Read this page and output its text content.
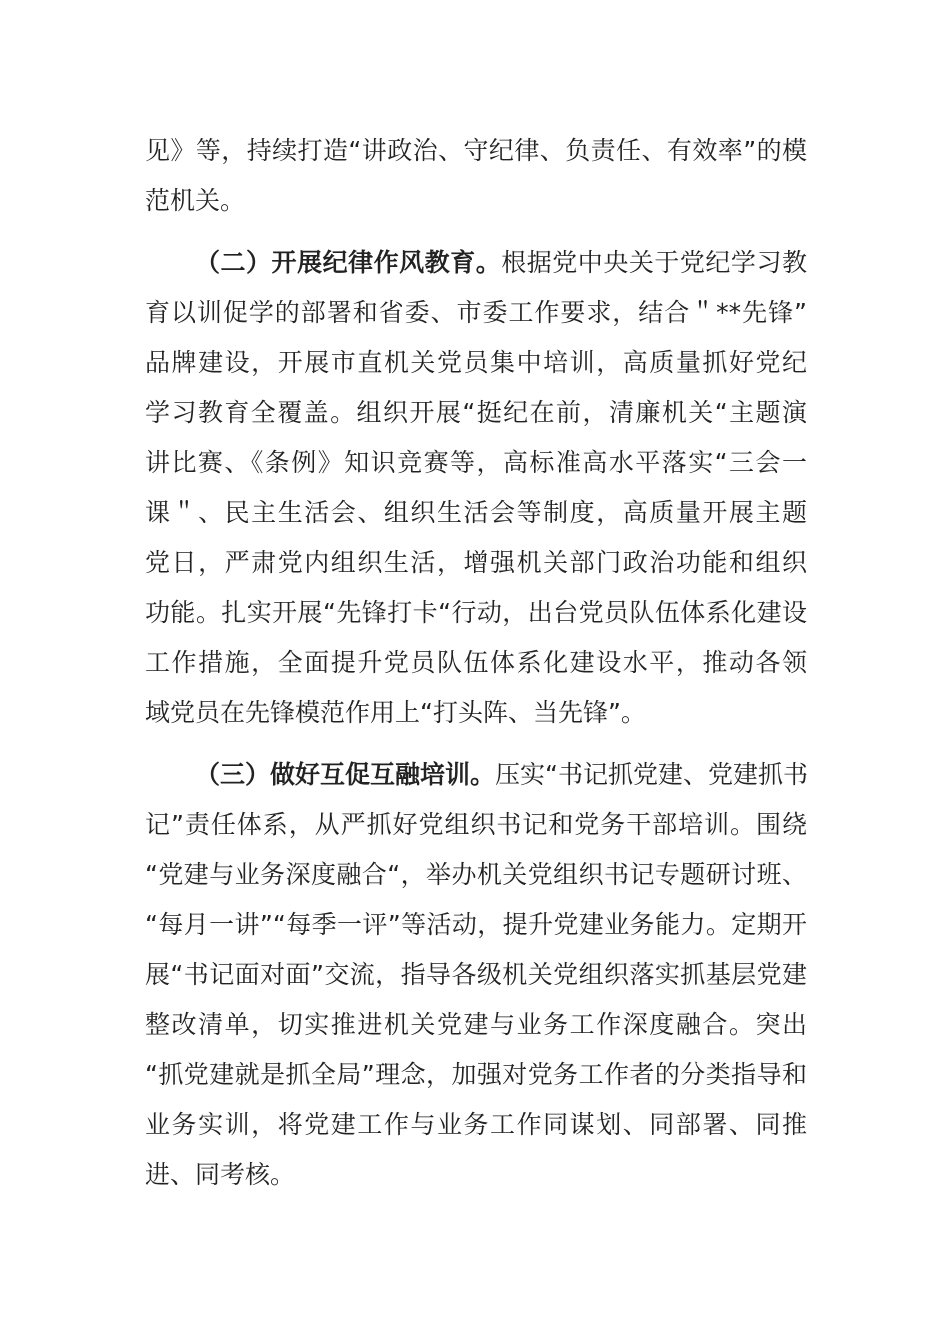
见》等，持续打造“讲政治、守纪律、负责任、有效率”的模
范机关。
（二）开展纪律作风教育。根据党中央关于党纪学习教
育以训促学的部署和省委、市委工作要求，结合＂**先锋”
品牌建设，开展市直机关党员集中培训，高质量抓好党纪
学习教育全覆盖。组织开展“挺纪在前，清廉机关“主题演
讲比赛、《条例》知识竞赛等，高标准高水平落实“三会一
课＂、民主生活会、组织生活会等制度，高质量开展主题
党日，严肃党内组织生活，增强机关部门政治功能和组织
功能。扎实开展“先锋打卡“行动，出台党员队伍体系化建设
工作措施，全面提升党员队伍体系化建设水平，推动各领
域党员在先锋模范作用上“打头阵、当先锋”。
（三）做好互促互融培训。压实“书记抓党建、党建抓书
记”责任体系，从严抓好党组织书记和党务干部培训。围绕
“党建与业务深度融合“，举办机关党组织书记专题研讨班、
“每月一讲”“每季一评”等活动，提升党建业务能力。定期开
展“书记面对面”交流，指导各级机关党组织落实抓基层党建
整改清单，切实推进机关党建与业务工作深度融合。突出
“抓党建就是抓全局”理念，加强对党务工作者的分类指导和
业务实训，将党建工作与业务工作同谋划、同部署、同推
进、同考核。
